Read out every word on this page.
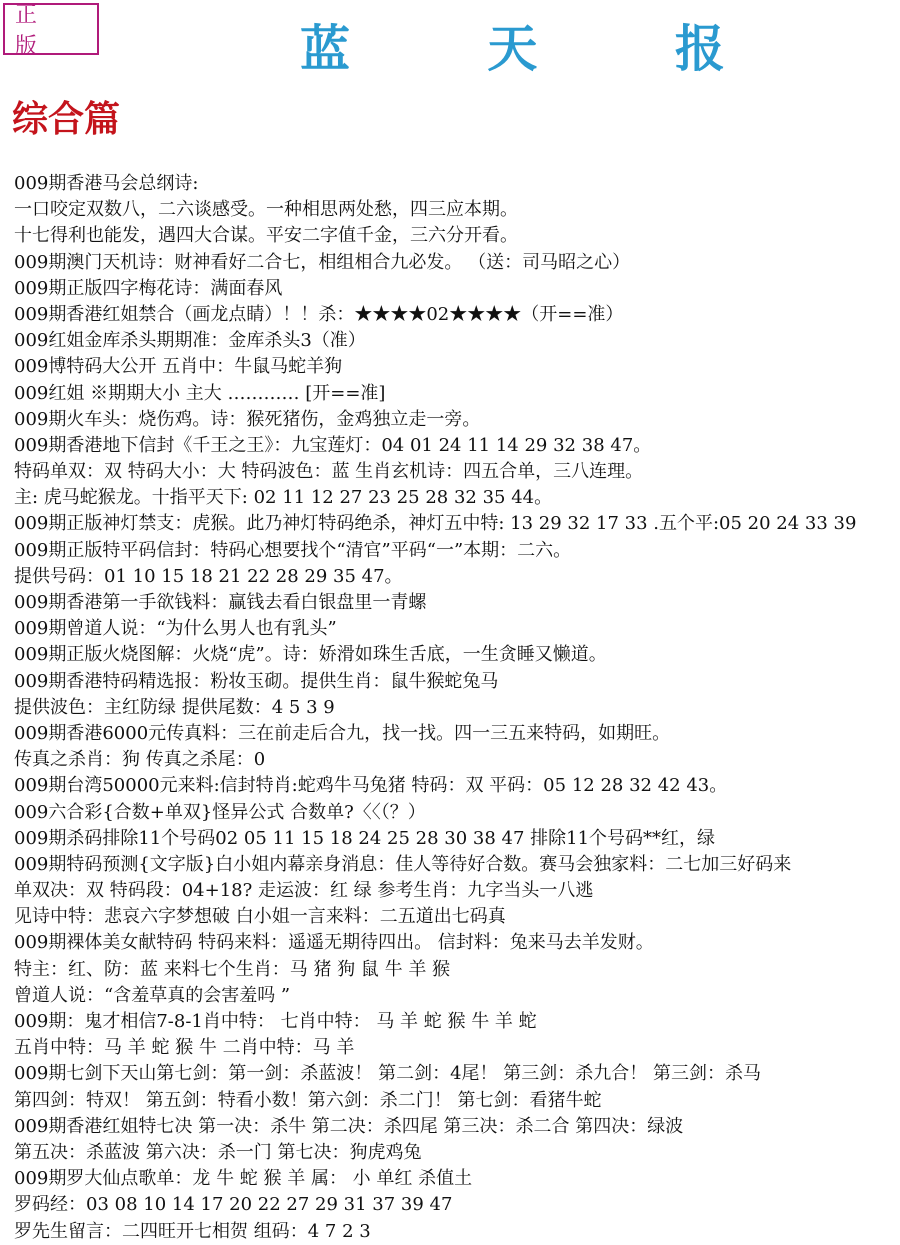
正 版	蓝 天 报
综合篇
009期香港马会总纲诗:
一口咬定双数八，二六谈感受。一种相思两处愁，四三应本期。
十七得利也能发，遇四大合谋。平安二字值千金，三六分开看。
009期澳门天机诗：财神看好二合七，相组相合九必发。 （送：司马昭之心）
009期正版四字梅花诗：满面春风
009期香港红姐禁合（画龙点睛）！！杀：★★★★02★★★★（开==准）
009红姐金库杀头期期准：金库杀头3（准）
009博特码大公开 五肖中：牛鼠马蛇羊狗
009红姐 ※期期大小 主大 ………… [开==准]
009期火车头：烧伤鸡。诗：猴死猪伤，金鸡独立走一旁。
009期香港地下信封《千王之王》：九宝莲灯：04 01 24 11 14 29 32 38 47。
特码单双：双 特码大小：大 特码波色：蓝 生肖玄机诗：四五合单，三八连理。
主: 虎马蛇猴龙。十指平天下: 02 11 12 27 23 25 28 32 35 44。
009期正版神灯禁支：虎猴。此乃神灯特码绝杀，神灯五中特: 13 29 32 17 33 .五个平:05 20 24 33 39
009期正版特平码信封：特码心想要找个“清官”平码“一”本期：二六。
提供号码：01 10 15 18 21 22 28 29 35 47。
009期香港第一手欲钱料：赢钱去看白银盘里一青螺
009期曾道人说：“为什么男人也有乳头”
009期正版火烧图解：火烧“虎”。诗：娇滑如珠生舌底，一生贪睡又懒道。
009期香港特码精选报：粉妆玉砌。提供生肖：鼠牛猴蛇兔马
提供波色：主红防绿 提供尾数：4 5 3 9
009期香港6000元传真料：三在前走后合九，找一找。四一三五来特码，如期旺。
传真之杀肖：狗 传真之杀尾：0
009期台湾50000元来料:信封特肖:蛇鸡牛马兔猪 特码：双 平码：05 12 28 32 42 43。
009六合彩{合数+单双}怪异公式 合数单?〈〈（？）
009期杀码排除11个号码02 05 11 15 18 24 25 28 30 38 47 排除11个号码**红，绿
009期特码预测{文字版}白小姐内幕亲身消息：佳人等待好合数。赛马会独家料：二七加三好码来
单双决：双 特码段：04+18? 走运波：红 绿 参考生肖：九字当头一八逃
见诗中特：悲哀六字梦想破 白小姐一言来料：二五道出七码真
009期裸体美女献特码 特码来料：遥遥无期待四出。 信封料：兔来马去羊发财。
特主：红、防：蓝 来料七个生肖：马 猪 狗 鼠 牛 羊 猴
曾道人说：“含羞草真的会害羞吗 ”
009期：鬼才相信7-8-1肖中特： 七肖中特： 马 羊 蛇 猴 牛 羊 蛇
五肖中特：马 羊 蛇 猴 牛 二肖中特：马 羊
009期七剑下天山第七剑：第一剑：杀蓝波！ 第二剑：4尾！ 第三剑：杀九合！ 第三剑：杀马
第四剑：特双！ 第五剑：特看小数！第六剑：杀二门！ 第七剑：看猪牛蛇
009期香港红姐特七决 第一决：杀牛 第二决：杀四尾 第三决：杀二合 第四决：绿波
第五决：杀蓝波 第六决：杀一门 第七决：狗虎鸡兔
009期罗大仙点歌单：龙 牛 蛇 猴 羊 属： 小 单红 杀值土
罗码经：03 08 10 14 17 20 22 27 29 31 37 39 47
罗先生留言：二四旺开七相贺 组码：4 7 2 3
